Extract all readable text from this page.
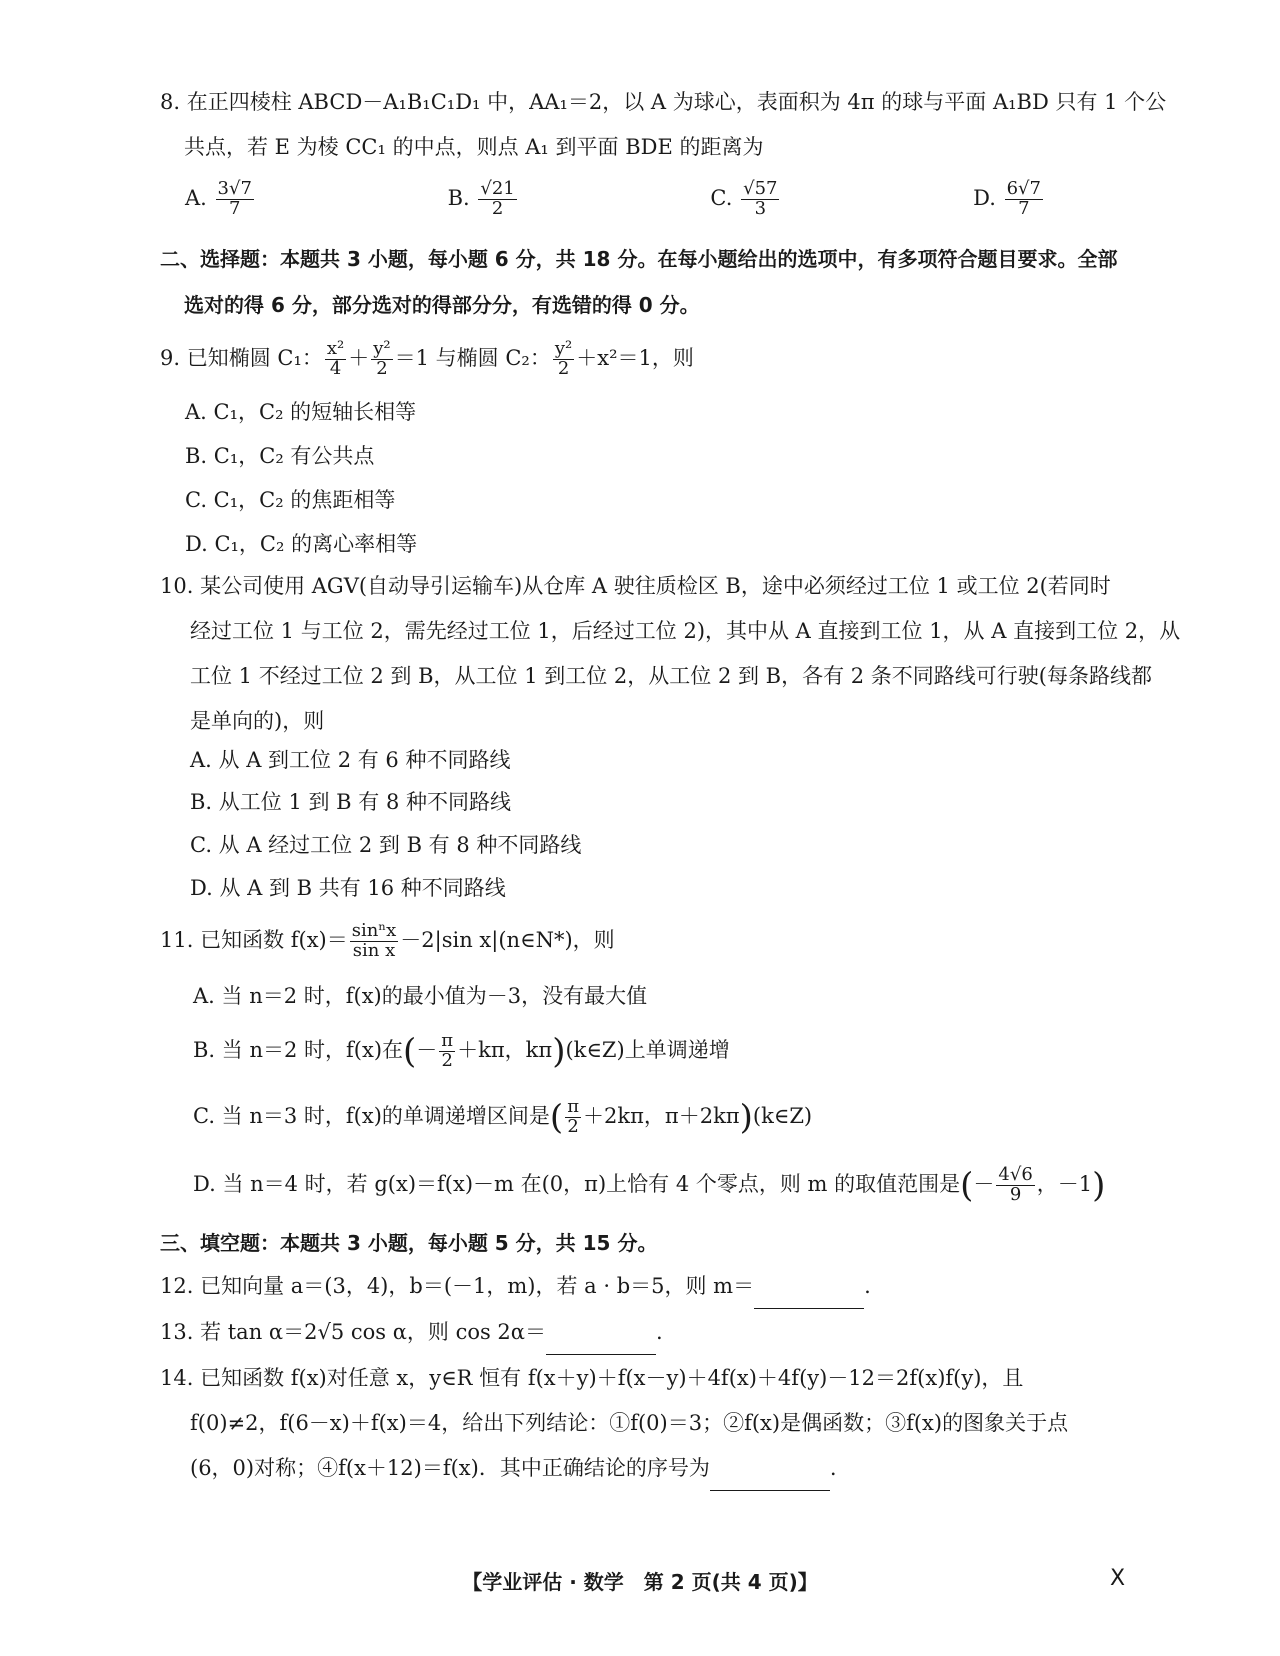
8. 在正四棱柱 ABCD－A₁B₁C₁D₁ 中，AA₁＝2，以 A 为球心，表面积为 4π 的球与平面 A₁BD 只有 1 个公
共点，若 E 为棱 CC₁ 的中点，则点 A₁ 到平面 BDE 的距离为
A. $\frac{3√7}{7}$	B. $\frac{√21}{2}$	C. $\frac{√57}{3}$	D. $\frac{6√7}{7}$
二、选择题：本题共 3 小题，每小题 6 分，共 18 分。在每小题给出的选项中，有多项符合题目要求。全部
选对的得 6 分，部分选对的得部分分，有选错的得 0 分。
9. 已知椭圆 C₁： $\frac{\text{x²}}{4} + \frac{\text{y²}}{2} =1$ 与椭圆 C₂： $\frac{\text{y²}}{2} +x^2=1$，则
A. C₁，C₂ 的短轴长相等
B. C₁，C₂ 有公共点
C. C₁，C₂ 的焦距相等
D. C₁，C₂ 的离心率相等
10. 某公司使用 AGV(自动导引运输车)从仓库 A 驶往质检区 B，途中必须经过工位 1 或工位 2(若同时
经过工位 1 与工位 2，需先经过工位 1，后经过工位 2)，其中从 A 直接到工位 1，从 A 直接到工位 2，从
工位 1 不经过工位 2 到 B，从工位 1 到工位 2，从工位 2 到 B，各有 2 条不同路线可行驶(每条路线都
是单向的)，则
A. 从 A 到工位 2 有 6 种不同路线
B. 从工位 1 到 B 有 8 种不同路线
C. 从 A 经过工位 2 到 B 有 8 种不同路线
D. 从 A 到 B 共有 16 种不同路线
11. 已知函数 $f(x)= \frac{\text{sinⁿx}}{\text{sin x}} -2|\sin$ x|(n∈N*)，则
A. 当 n＝2 时，f(x)的最小值为－3，没有最大值
B. 当 n＝2 时，f(x)在(－ $\frac{\pi}{2} +k\pi$，kπ)(k∈Z)上单调递增
C. 当 n＝3 时，f(x)的单调递增区间是( $\frac{\pi}{2} +2k\pi$，π＋2kπ)(k∈Z)
D. 当 n＝4 时，若 g(x)＝f(x)－m 在(0，π)上恰有 4 个零点，则 m 的取值范围是(－ $\frac{4√6}{9}$ ，－1)
三、填空题：本题共 3 小题，每小题 5 分，共 15 分。
12. 已知向量 a＝(3，4)，b＝(－1，m)，若 a · b＝5，则 m＝	.
13. 若 tan α＝2√5 cos α，则 cos 2α＝	.
14. 已知函数 f(x)对任意 x，y∈R 恒有 f(x＋y)＋f(x－y)＋4f(x)＋4f(y)－12＝2f(x)f(y)，且
f(0)≠2，f(6－x)＋f(x)＝4，给出下列结论：①f(0)＝3；②f(x)是偶函数；③f(x)的图象关于点
(6，0)对称；④f(x＋12)＝f(x)．其中正确结论的序号为	.
【学业评估 · 数学　第 2 页(共 4 页)】	X
